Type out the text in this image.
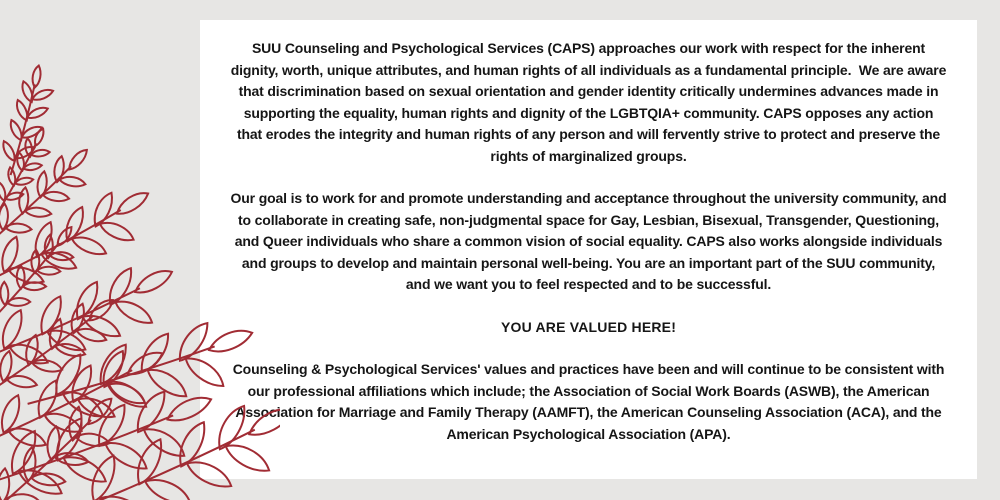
SUU Counseling and Psychological Services (CAPS) approaches our work with respect for the inherent dignity, worth, unique attributes, and human rights of all individuals as a fundamental principle.  We are aware that discrimination based on sexual orientation and gender identity critically undermines advances made in supporting the equality, human rights and dignity of the LGBTQIA+ community. CAPS opposes any action that erodes the integrity and human rights of any person and will fervently strive to protect and preserve the rights of marginalized groups.

Our goal is to work for and promote understanding and acceptance throughout the university community, and to collaborate in creating safe, non-judgmental space for Gay, Lesbian, Bisexual, Transgender, Questioning, and Queer individuals who share a common vision of social equality. CAPS also works alongside individuals and groups to develop and maintain personal well-being. You are an important part of the SUU community, and we want you to feel respected and to be successful.

YOU ARE VALUED HERE!

Counseling & Psychological Services' values and practices have been and will continue to be consistent with our professional affiliations which include; the Association of Social Work Boards (ASWB), the American Association for Marriage and Family Therapy (AAMFT), the American Counseling Association (ACA), and the American Psychological Association (APA).
